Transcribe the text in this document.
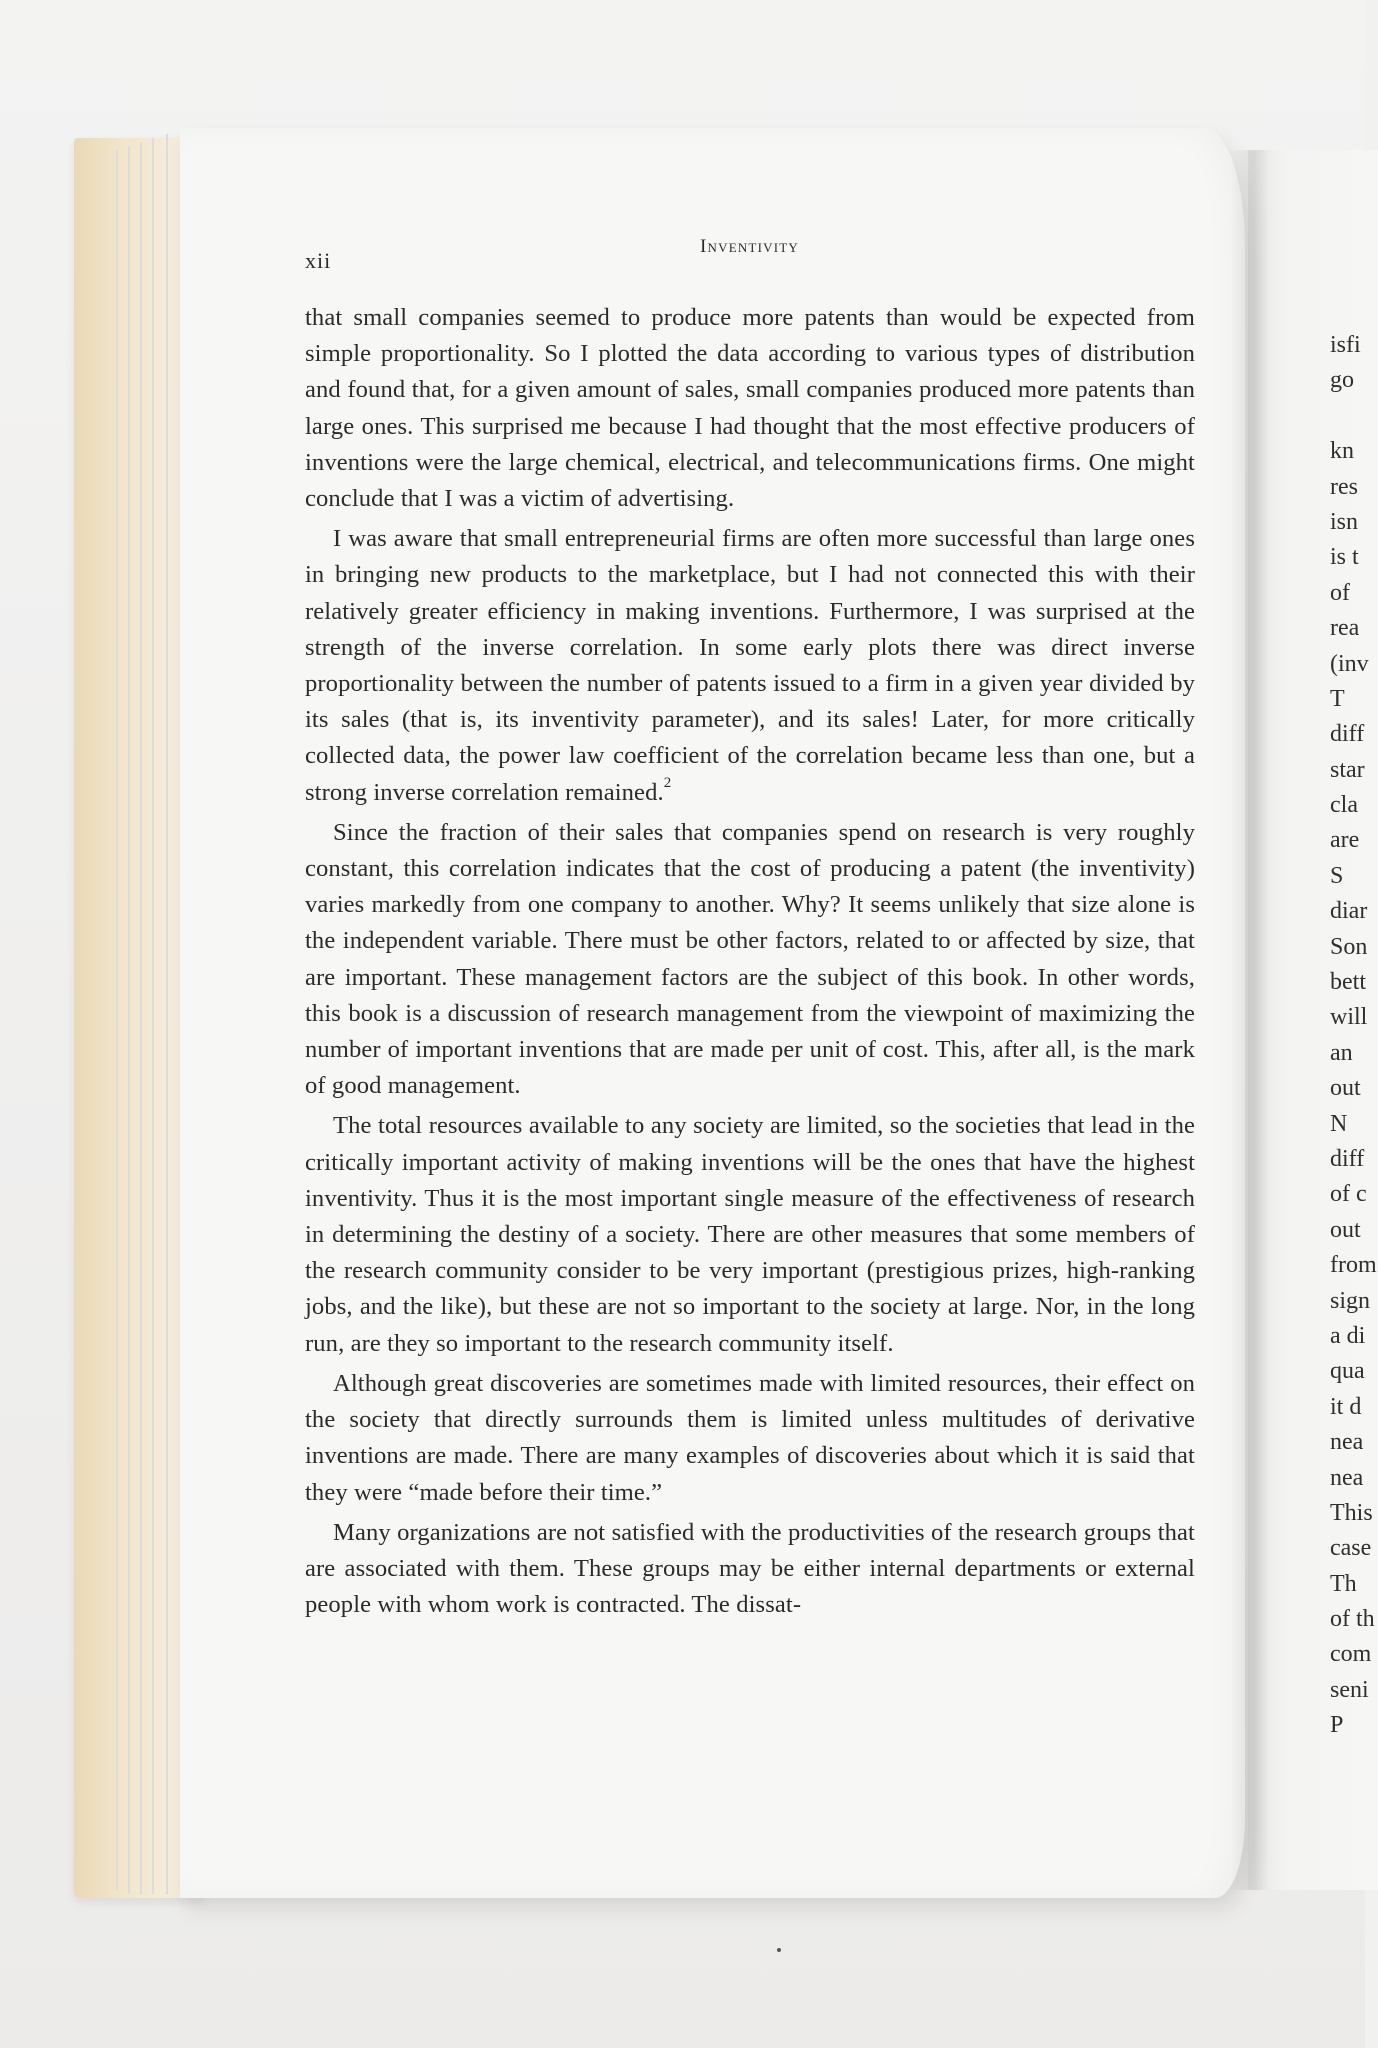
xii
Inventivity

that small companies seemed to produce more patents than would be expected from simple proportionality. So I plotted the data according to various types of distribution and found that, for a given amount of sales, small companies produced more patents than large ones. This surprised me because I had thought that the most effective producers of inventions were the large chemical, electrical, and telecommunications firms. One might conclude that I was a victim of advertising.

I was aware that small entrepreneurial firms are often more successful than large ones in bringing new products to the marketplace, but I had not connected this with their relatively greater efficiency in making inventions. Furthermore, I was surprised at the strength of the inverse correlation. In some early plots there was direct inverse proportionality between the number of patents issued to a firm in a given year divided by its sales (that is, its inventivity parameter), and its sales! Later, for more critically collected data, the power law coefficient of the correlation became less than one, but a strong inverse correlation remained.$^2$

Since the fraction of their sales that companies spend on research is very roughly constant, this correlation indicates that the cost of producing a patent (the inventivity) varies markedly from one company to another. Why? It seems unlikely that size alone is the independent variable. There must be other factors, related to or affected by size, that are important. These management factors are the subject of this book. In other words, this book is a discussion of research management from the viewpoint of maximizing the number of important inventions that are made per unit of cost. This, after all, is the mark of good management.

The total resources available to any society are limited, so the societies that lead in the critically important activity of making inventions will be the ones that have the highest inventivity. Thus it is the most important single measure of the effectiveness of research in determining the destiny of a society. There are other measures that some members of the research community consider to be very important (prestigious prizes, high-ranking jobs, and the like), but these are not so important to the society at large. Nor, in the long run, are they so important to the research community itself.

Although great discoveries are sometimes made with limited resources, their effect on the society that directly surrounds them is limited unless multitudes of derivative inventions are made. There are many examples of discoveries about which it is said that they were “made before their time.”

Many organizations are not satisfied with the productivities of the research groups that are associated with them. These groups may be either internal departments or external people with whom work is contracted. The dissat-

isfi
go
kn
res
isn
is t
of
rea
(inv
T
diff
star
cla
are
S
diar
Son
bett
will
an
out
N
diff
of c
out
from
sign
a di
qua
it d
nea
nea
This
case
Th
of th
com
seni
P
